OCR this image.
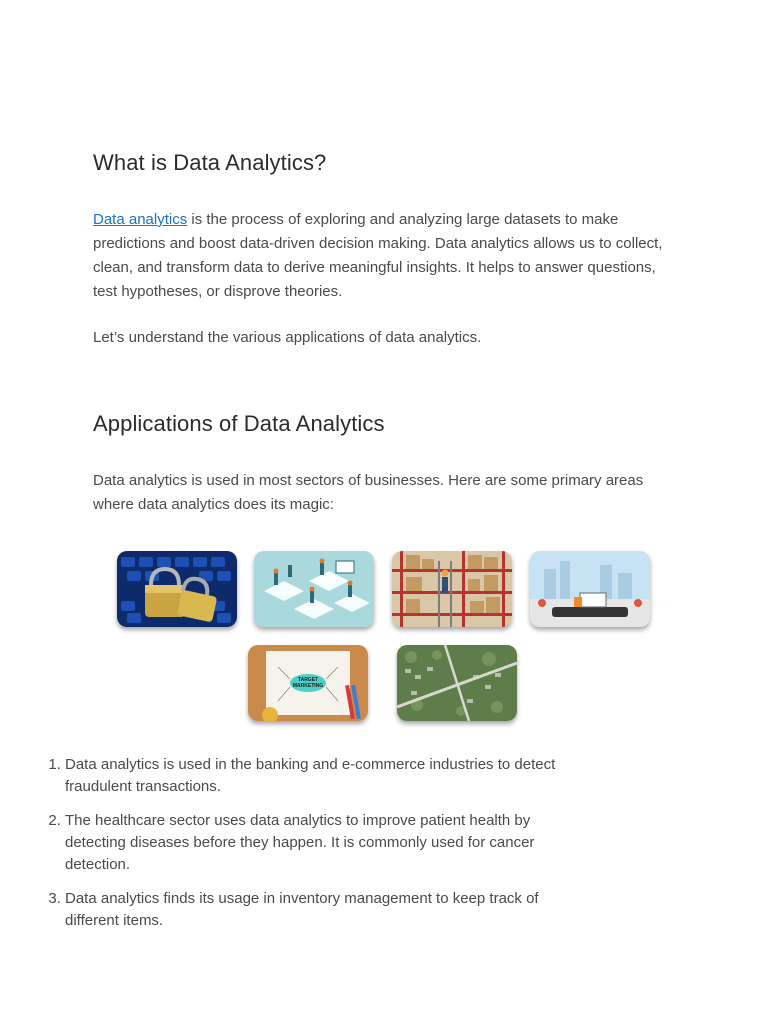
What is Data Analytics?

Data analytics is the process of exploring and analyzing large datasets to make predictions and boost data-driven decision making. Data analytics allows us to collect, clean, and transform data to derive meaningful insights. It helps to answer questions, test hypotheses, or disprove theories.

Let’s understand the various applications of data analytics.

Applications of Data Analytics

Data analytics is used in most sectors of businesses. Here are some primary areas where data analytics does its magic:

TARGET
MARKETING
1. Data analytics is used in the banking and e-commerce industries to detect fraudulent transactions.
2. The healthcare sector uses data analytics to improve patient health by detecting diseases before they happen. It is commonly used for cancer detection.
3. Data analytics finds its usage in inventory management to keep track of different items.
